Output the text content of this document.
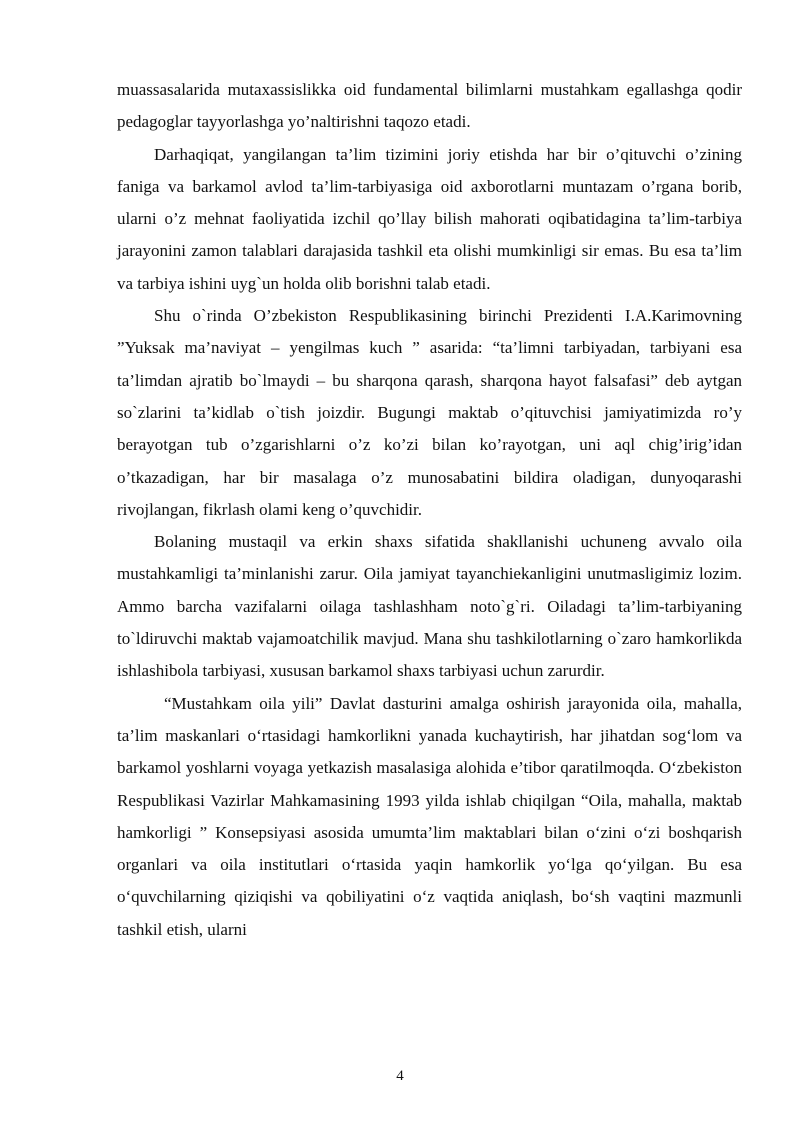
muassasalarida mutaxassislikka oid fundamental bilimlarni mustahkam egallashga qodir pedagoglar tayyorlashga yo’naltirishni taqozo etadi.

Darhaqiqat, yangilangan ta’lim tizimini joriy etishda har bir o’qituvchi o’zining faniga va barkamol avlod ta’lim-tarbiyasiga oid axborotlarni muntazam o’rgana borib, ularni o’z mehnat faoliyatida izchil qo’llay bilish mahorati oqibatidagina ta’lim-tarbiya jarayonini zamon talablari darajasida tashkil eta olishi mumkinligi sir emas. Bu esa ta’lim va tarbiya ishini uyg`un holda olib borishni talab etadi.

Shu o`rinda O’zbekiston Respublikasining birinchi Prezidenti I.A.Karimovning ”Yuksak ma’naviyat – yengilmas kuch ” asarida: “ta’limni tarbiyadan, tarbiyani esa ta’limdan ajratib bo`lmaydi – bu sharqona qarash, sharqona hayot falsafasi” deb aytgan so`zlarini ta’kidlab o`tish joizdir. Bugungi maktab o’qituvchisi jamiyatimizda ro’y berayotgan tub o’zgarishlarni o’z ko’zi bilan ko’rayotgan, uni aql chig’irig’idan o’tkazadigan, har bir masalaga o’z munosabatini bildira oladigan, dunyoqarashi rivojlangan, fikrlash olami keng o’quvchidir.

Bolaning mustaqil va erkin shaxs sifatida shakllanishi uchuneng avvalo oila mustahkamligi ta’minlanishi zarur. Oila jamiyat tayanchiekanligini unutmasligimiz lozim. Ammo barcha vazifalarni oilaga tashlashham noto`g`ri. Oiladagi ta’lim-tarbiyaning to`ldiruvchi maktab vajamoatchilik mavjud. Mana shu tashkilotlarning o`zaro hamkorlikda ishlashibola tarbiyasi, xususan barkamol shaxs tarbiyasi uchun zarurdir.

“Mustahkam oila yili” Davlat dasturini amalga oshirish jarayonida oila, mahalla, ta’lim maskanlari o‘rtasidagi hamkorlikni yanada kuchaytirish, har jihatdan sog‘lom va barkamol yoshlarni voyaga yetkazish masalasiga alohida e’tibor qaratilmoqda. O‘zbekiston Respublikasi Vazirlar Mahkamasining 1993 yilda ishlab chiqilgan “Oila, mahalla, maktab hamkorligi ” Konsepsiyasi asosida umumta’lim maktablari bilan o‘zini o‘zi boshqarish organlari va oila institutlari o‘rtasida yaqin hamkorlik yo‘lga qo‘yilgan. Bu esa o‘quvchilarning qiziqishi va qobiliyatini o‘z vaqtida aniqlash, bo‘sh vaqtini mazmunli tashkil etish, ularni

4
